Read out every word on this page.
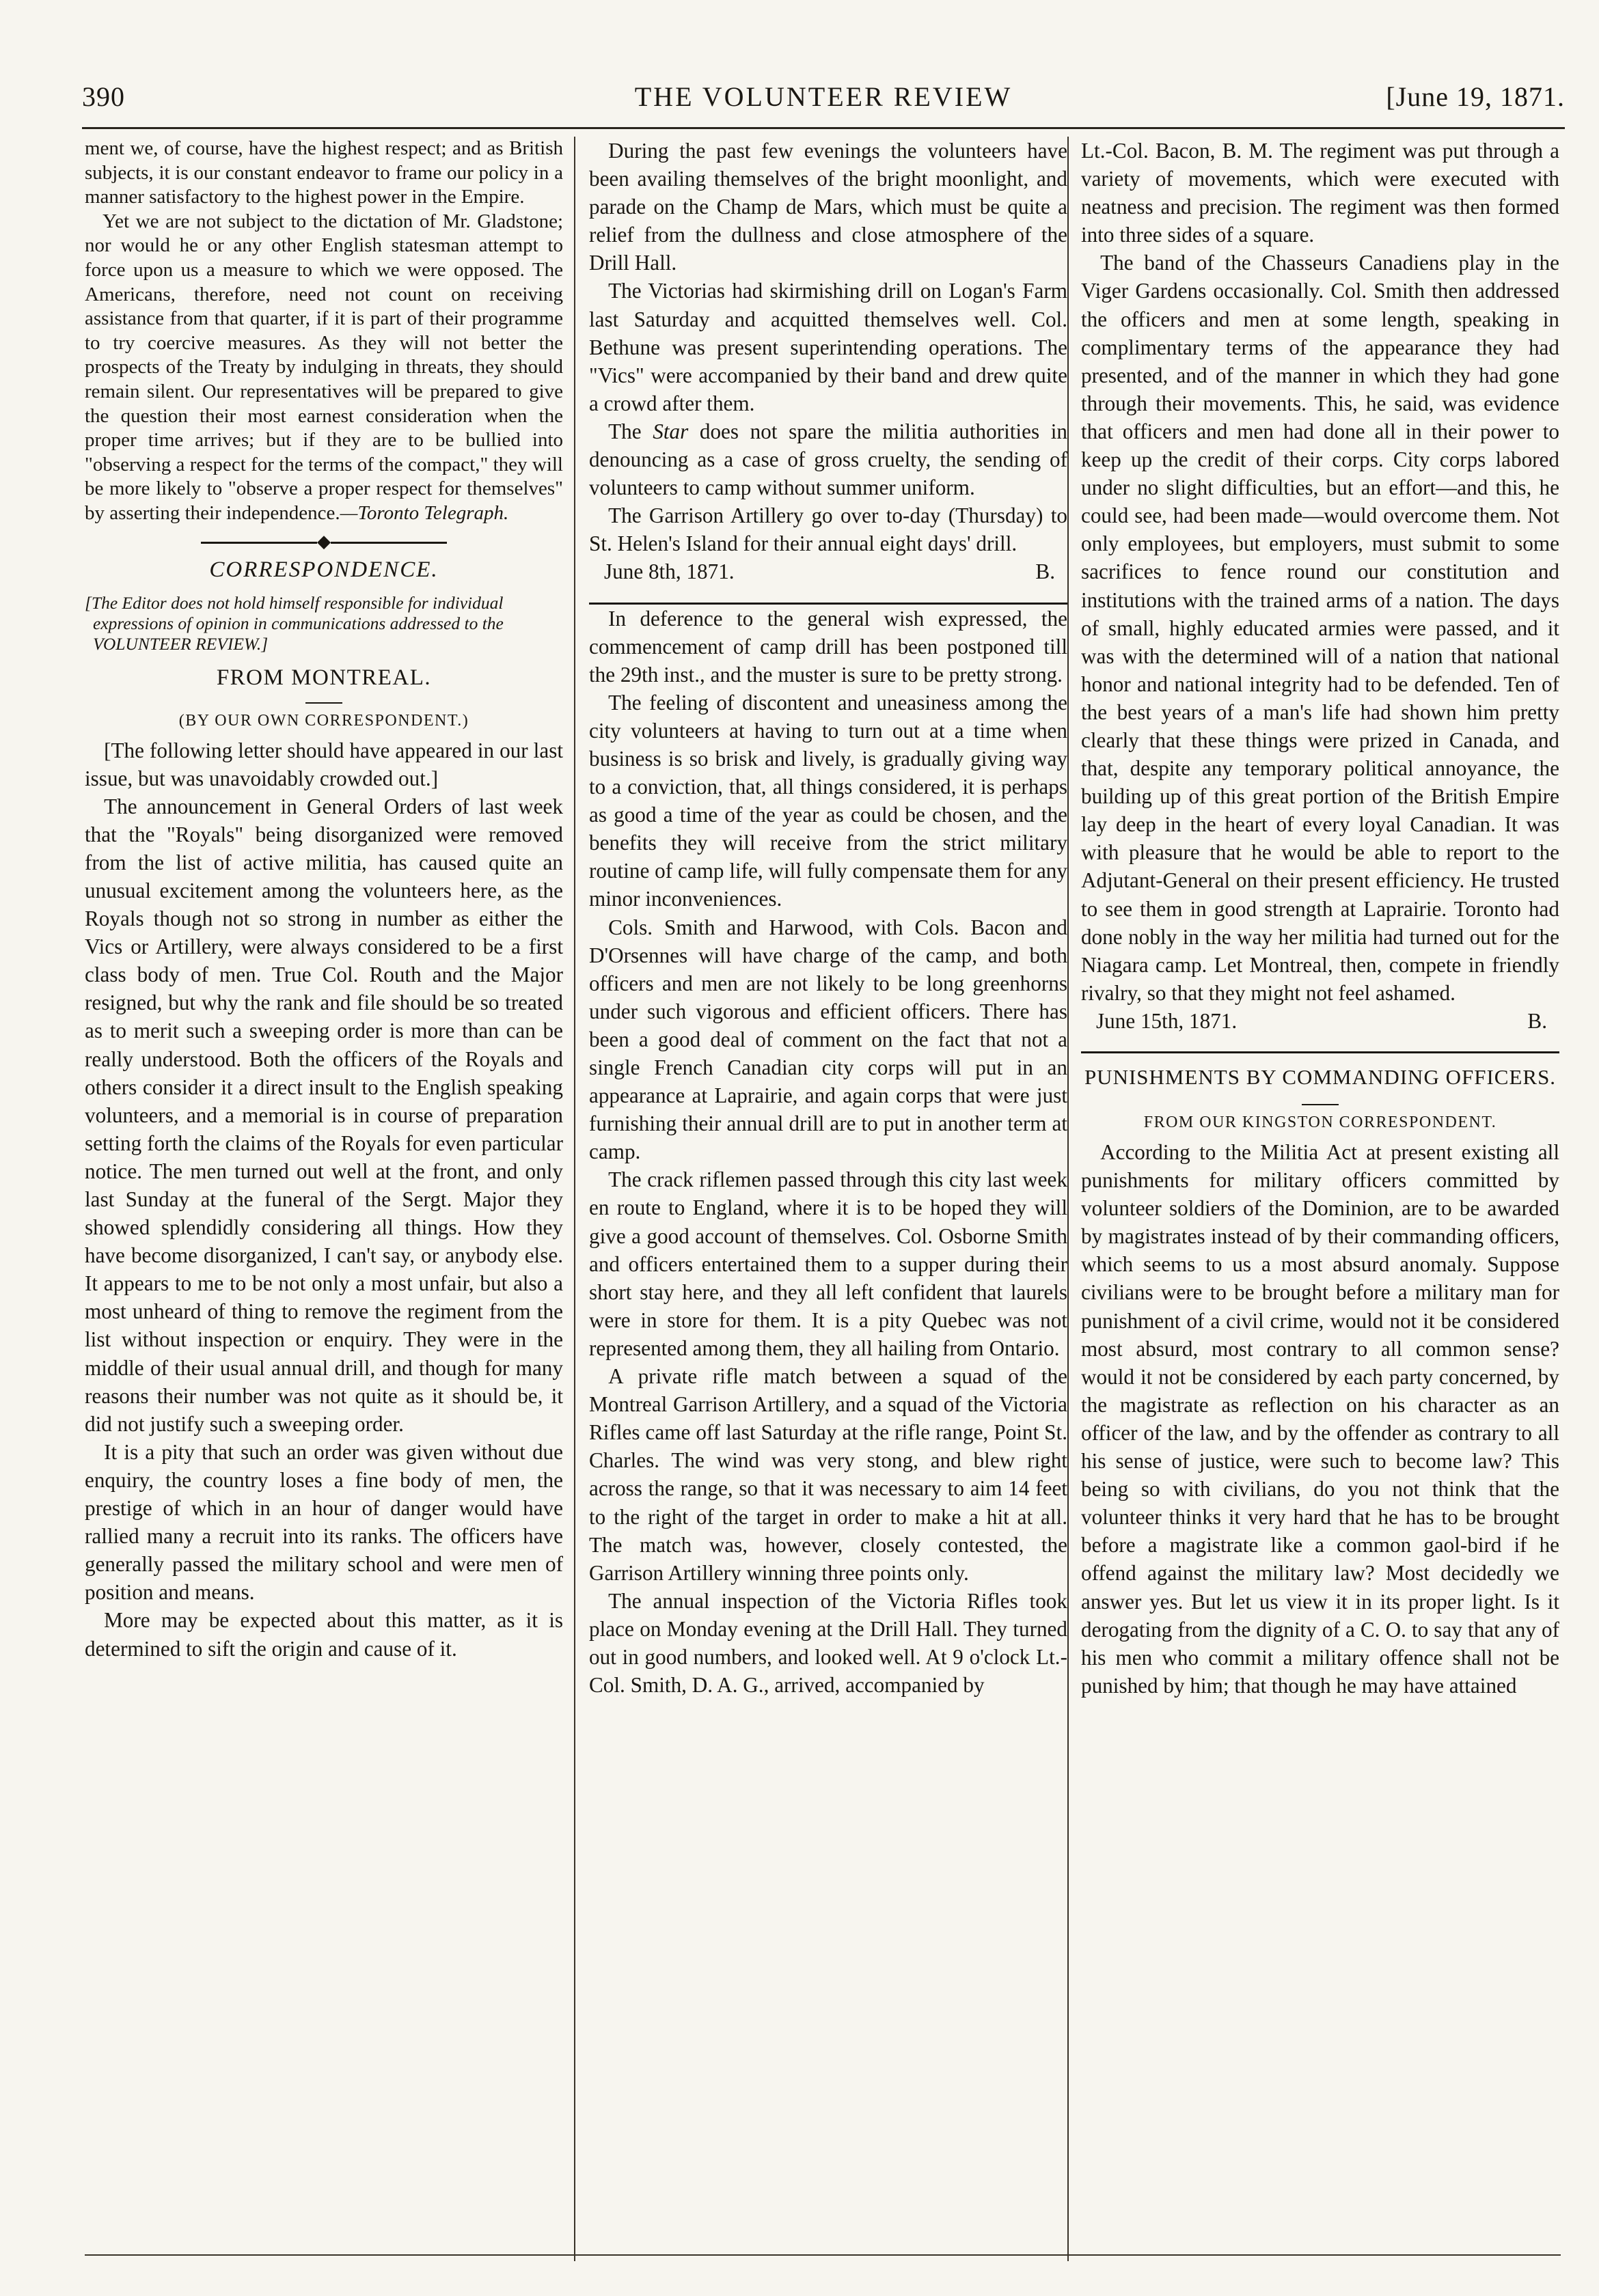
390	THE VOLUNTEER REVIEW	[June 19, 1871.

ment we, of course, have the highest respect; and as British subjects, it is our constant endeavor to frame our policy in a manner satisfactory to the highest power in the Empire.

Yet we are not subject to the dictation of Mr. Gladstone; nor would he or any other English statesman attempt to force upon us a measure to which we were opposed. The Americans, therefore, need not count on receiving assistance from that quarter, if it is part of their programme to try coercive measures. As they will not better the prospects of the Treaty by indulging in threats, they should remain silent. Our representatives will be prepared to give the question their most earnest consideration when the proper time arrives; but if they are to be bullied into "observing a respect for the terms of the compact," they will be more likely to "observe a proper respect for themselves" by asserting their independence.—Toronto Telegraph.

◆
CORRESPONDENCE.
[The Editor does not hold himself responsible for individual expressions of opinion in communications addressed to the VOLUNTEER REVIEW.]
FROM MONTREAL.
(BY OUR OWN CORRESPONDENT.)

[The following letter should have appeared in our last issue, but was unavoidably crowded out.]

The announcement in General Orders of last week that the "Royals" being disorganized were removed from the list of active militia, has caused quite an unusual excitement among the volunteers here, as the Royals though not so strong in number as either the Vics or Artillery, were always considered to be a first class body of men. True Col. Routh and the Major resigned, but why the rank and file should be so treated as to merit such a sweeping order is more than can be really understood. Both the officers of the Royals and others consider it a direct insult to the English speaking volunteers, and a memorial is in course of preparation setting forth the claims of the Royals for even particular notice. The men turned out well at the front, and only last Sunday at the funeral of the Sergt. Major they showed splendidly considering all things. How they have become disorganized, I can't say, or anybody else. It appears to me to be not only a most unfair, but also a most unheard of thing to remove the regiment from the list without inspection or enquiry. They were in the middle of their usual annual drill, and though for many reasons their number was not quite as it should be, it did not justify such a sweeping order.

It is a pity that such an order was given without due enquiry, the country loses a fine body of men, the prestige of which in an hour of danger would have rallied many a recruit into its ranks. The officers have generally passed the military school and were men of position and means.

More may be expected about this matter, as it is determined to sift the origin and cause of it.

During the past few evenings the volunteers have been availing themselves of the bright moonlight, and parade on the Champ de Mars, which must be quite a relief from the dullness and close atmosphere of the Drill Hall.

The Victorias had skirmishing drill on Logan's Farm last Saturday and acquitted themselves well. Col. Bethune was present superintending operations. The "Vics" were accompanied by their band and drew quite a crowd after them.

The Star does not spare the militia authorities in denouncing as a case of gross cruelty, the sending of volunteers to camp without summer uniform.

The Garrison Artillery go over to-day (Thursday) to St. Helen's Island for their annual eight days' drill.

June 8th, 1871.	B.

In deference to the general wish expressed, the commencement of camp drill has been postponed till the 29th inst., and the muster is sure to be pretty strong.

The feeling of discontent and uneasiness among the city volunteers at having to turn out at a time when business is so brisk and lively, is gradually giving way to a conviction, that, all things considered, it is perhaps as good a time of the year as could be chosen, and the benefits they will receive from the strict military routine of camp life, will fully compensate them for any minor inconveniences.

Cols. Smith and Harwood, with Cols. Bacon and D'Orsennes will have charge of the camp, and both officers and men are not likely to be long greenhorns under such vigorous and efficient officers. There has been a good deal of comment on the fact that not a single French Canadian city corps will put in an appearance at Laprairie, and again corps that were just furnishing their annual drill are to put in another term at camp.

The crack riflemen passed through this city last week en route to England, where it is to be hoped they will give a good account of themselves. Col. Osborne Smith and officers entertained them to a supper during their short stay here, and they all left confident that laurels were in store for them. It is a pity Quebec was not represented among them, they all hailing from Ontario.

A private rifle match between a squad of the Montreal Garrison Artillery, and a squad of the Victoria Rifles came off last Saturday at the rifle range, Point St. Charles. The wind was very stong, and blew right across the range, so that it was necessary to aim 14 feet to the right of the target in order to make a hit at all. The match was, however, closely contested, the Garrison Artillery winning three points only.

The annual inspection of the Victoria Rifles took place on Monday evening at the Drill Hall. They turned out in good numbers, and looked well. At 9 o'clock Lt.-Col. Smith, D. A. G., arrived, accompanied by

Lt.-Col. Bacon, B. M. The regiment was put through a variety of movements, which were executed with neatness and precision. The regiment was then formed into three sides of a square.

The band of the Chasseurs Canadiens play in the Viger Gardens occasionally. Col. Smith then addressed the officers and men at some length, speaking in complimentary terms of the appearance they had presented, and of the manner in which they had gone through their movements. This, he said, was evidence that officers and men had done all in their power to keep up the credit of their corps. City corps labored under no slight difficulties, but an effort—and this, he could see, had been made—would overcome them. Not only employees, but employers, must submit to some sacrifices to fence round our constitution and institutions with the trained arms of a nation. The days of small, highly educated armies were passed, and it was with the determined will of a nation that national honor and national integrity had to be defended. Ten of the best years of a man's life had shown him pretty clearly that these things were prized in Canada, and that, despite any temporary political annoyance, the building up of this great portion of the British Empire lay deep in the heart of every loyal Canadian. It was with pleasure that he would be able to report to the Adjutant-General on their present efficiency. He trusted to see them in good strength at Laprairie. Toronto had done nobly in the way her militia had turned out for the Niagara camp. Let Montreal, then, compete in friendly rivalry, so that they might not feel ashamed.

June 15th, 1871.	B.
PUNISHMENTS BY COMMANDING OFFICERS.
FROM OUR KINGSTON CORRESPONDENT.

According to the Militia Act at present existing all punishments for military officers committed by volunteer soldiers of the Dominion, are to be awarded by magistrates instead of by their commanding officers, which seems to us a most absurd anomaly. Suppose civilians were to be brought before a military man for punishment of a civil crime, would not it be considered most absurd, most contrary to all common sense? would it not be considered by each party concerned, by the magistrate as reflection on his character as an officer of the law, and by the offender as contrary to all his sense of justice, were such to become law? This being so with civilians, do you not think that the volunteer thinks it very hard that he has to be brought before a magistrate like a common gaol-bird if he offend against the military law? Most decidedly we answer yes. But let us view it in its proper light. Is it derogating from the dignity of a C. O. to say that any of his men who commit a military offence shall not be punished by him; that though he may have attained
